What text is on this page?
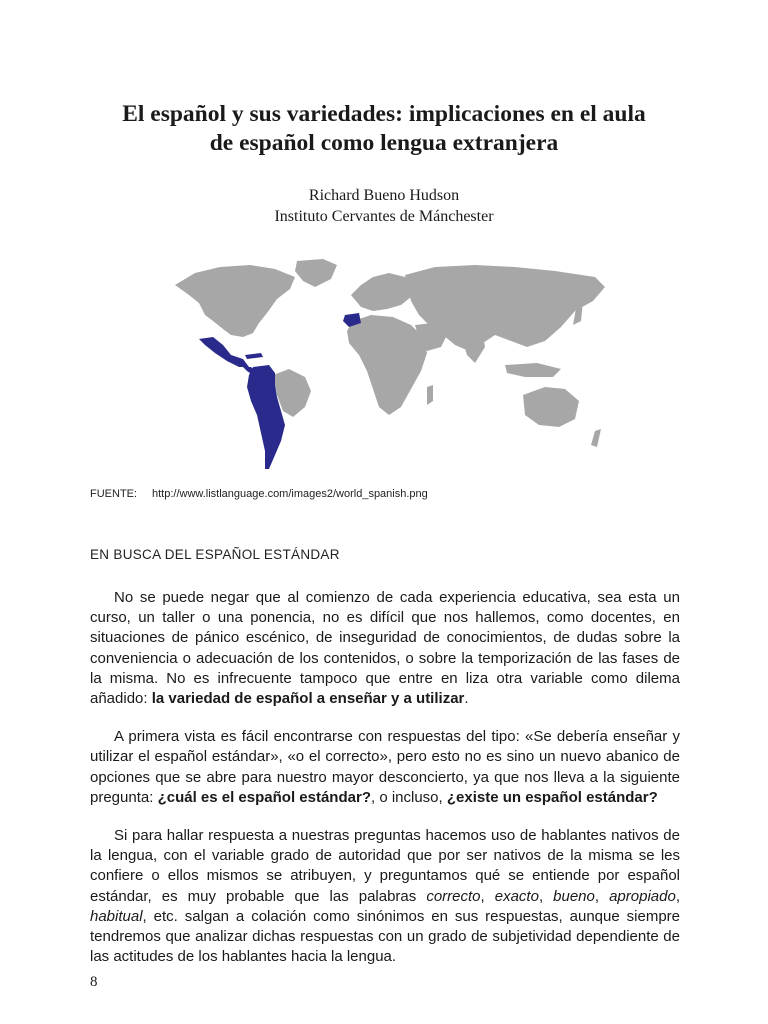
El español y sus variedades: implicaciones en el aula
de español como lengua extranjera
Richard Bueno Hudson
Instituto Cervantes de Mánchester
FUENTE: http://www.listlanguage.com/images2/world_spanish.png
EN BUSCA DEL ESPAÑOL ESTÁNDAR

No se puede negar que al comienzo de cada experiencia educativa, sea esta un curso, un taller o una ponencia, no es difícil que nos hallemos, como docentes, en situaciones de pánico escénico, de inseguridad de conocimientos, de dudas sobre la conveniencia o adecuación de los contenidos, o sobre la temporización de las fases de la misma. No es infrecuente tampoco que entre en liza otra variable como dilema añadido: la variedad de español a enseñar y a utilizar.

A primera vista es fácil encontrarse con respuestas del tipo: «Se debería enseñar y utilizar el español estándar», «o el correcto», pero esto no es sino un nuevo abanico de opciones que se abre para nuestro mayor desconcierto, ya que nos lleva a la siguiente pregunta: ¿cuál es el español estándar?, o incluso, ¿existe un español estándar?

Si para hallar respuesta a nuestras preguntas hacemos uso de hablantes nativos de la lengua, con el variable grado de autoridad que por ser nativos de la misma se les confiere o ellos mismos se atribuyen, y preguntamos qué se entiende por español estándar, es muy probable que las palabras correcto, exacto, bueno, apropiado, habitual, etc. salgan a colación como sinónimos en sus respuestas, aunque siempre tendremos que analizar dichas respuestas con un grado de subjetividad dependiente de las actitudes de los hablantes hacia la lengua.

8
